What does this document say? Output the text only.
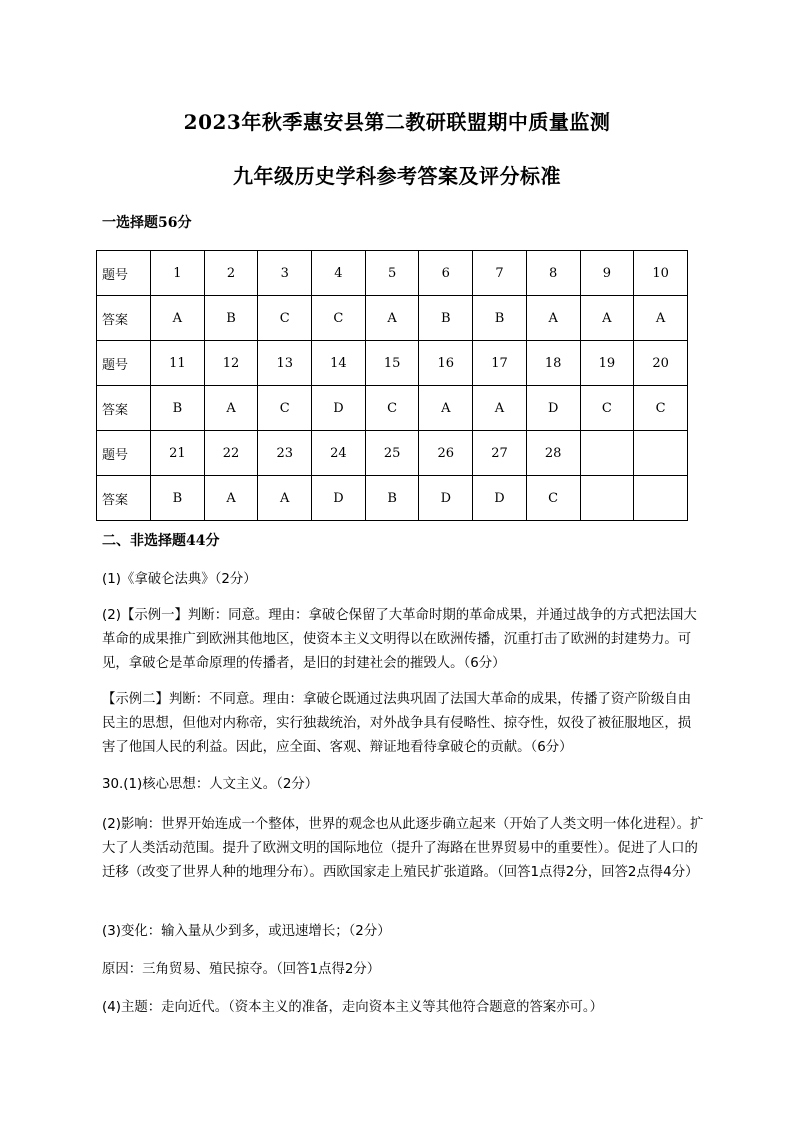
2023年秋季惠安县第二教研联盟期中质量监测
九年级历史学科参考答案及评分标准
一选择题56分
题号	1	2	3	4	5	6	7	8	9	10
答案	A	B	C	C	A	B	B	A	A	A
题号	11	12	13	14	15	16	17	18	19	20
答案	B	A	C	D	C	A	A	D	C	C
题号	21	22	23	24	25	26	27	28		
答案	B	A	A	D	B	D	D	C		
二、非选择题44分
(1)《拿破仑法典》（2分）
(2)【示例一】判断：同意。理由：拿破仑保留了大革命时期的革命成果，并通过战争的方式把法国大革命的成果推广到欧洲其他地区，使资本主义文明得以在欧洲传播，沉重打击了欧洲的封建势力。可见，拿破仑是革命原理的传播者，是旧的封建社会的摧毁人。（6分）
【示例二】判断：不同意。理由：拿破仑既通过法典巩固了法国大革命的成果，传播了资产阶级自由民主的思想，但他对内称帝，实行独裁统治，对外战争具有侵略性、掠夺性，奴役了被征服地区，损害了他国人民的利益。因此，应全面、客观、辩证地看待拿破仑的贡献。（6分）
30.(1)核心思想：人文主义。（2分）
(2)影响：世界开始连成一个整体，世界的观念也从此逐步确立起来（开始了人类文明一体化进程）。扩大了人类活动范围。提升了欧洲文明的国际地位（提升了海路在世界贸易中的重要性）。促进了人口的迁移（改变了世界人种的地理分布）。西欧国家走上殖民扩张道路。（回答1点得2分，回答2点得4分）
(3)变化：输入量从少到多，或迅速增长；（2分）
原因：三角贸易、殖民掠夺。（回答1点得2分）
(4)主题：走向近代。（资本主义的准备，走向资本主义等其他符合题意的答案亦可。）
